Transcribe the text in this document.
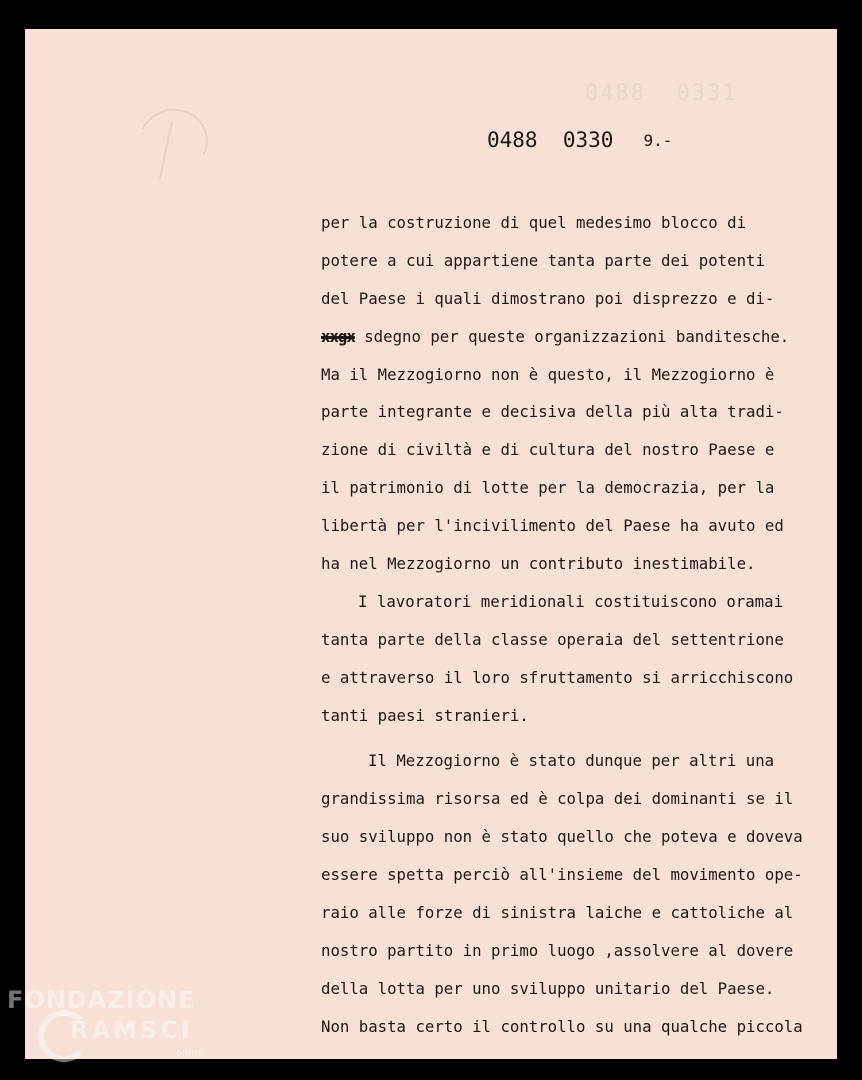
0488  0331
0488 0330 9.-
per la costruzione di quel medesimo blocco di
potere a cui appartiene tanta parte dei potenti
del Paese i quali dimostrano poi disprezzo e di-
xxgx sdegno per queste organizzazioni banditesche.
Ma il Mezzogiorno non è questo, il Mezzogiorno è
parte integrante e decisiva della più alta tradi-
zione di civiltà e di cultura del nostro Paese e
il patrimonio di lotte per la democrazia, per la
libertà per l'incivilimento del Paese ha avuto ed
ha nel Mezzogiorno un contributo inestimabile.
I lavoratori meridionali costituiscono oramai
tanta parte della classe operaia del settentrione
e attraverso il loro sfruttamento si arricchiscono
tanti paesi stranieri.
Il Mezzogiorno è stato dunque per altri una
grandissima risorsa ed è colpa dei dominanti se il
suo sviluppo non è stato quello che poteva e doveva
essere spetta perciò all'insieme del movimento ope-
raio alle forze di sinistra laiche e cattoliche al
nostro partito in primo luogo ,assolvere al dovere
della lotta per uno sviluppo unitario del Paese.
Non basta certo il controllo su una qualche piccola
FONDAZIONE
RAMSCI
onlus
